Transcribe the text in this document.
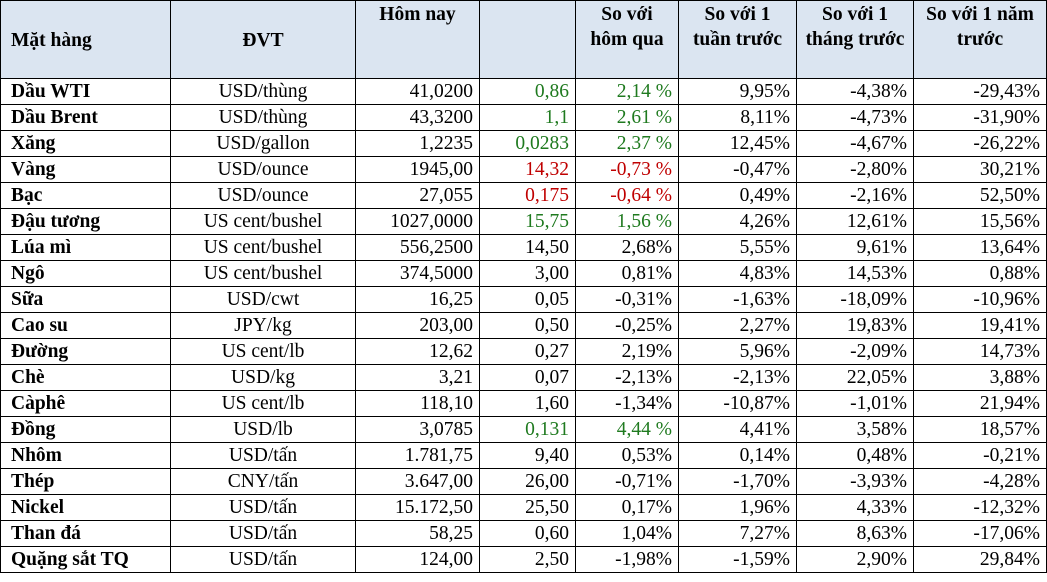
Mặt hàng	ĐVT	Hôm nay		So với hôm qua	So với 1 tuần trước	So với 1 tháng trước	So với 1 năm trước
Dầu WTI	USD/thùng	41,0200	0,86	2,14 %	9,95%	-4,38%	-29,43%
Dầu Brent	USD/thùng	43,3200	1,1	2,61 %	8,11%	-4,73%	-31,90%
Xăng	USD/gallon	1,2235	0,0283	2,37 %	12,45%	-4,67%	-26,22%
Vàng	USD/ounce	1945,00	14,32	-0,73 %	-0,47%	-2,80%	30,21%
Bạc	USD/ounce	27,055	0,175	-0,64 %	0,49%	-2,16%	52,50%
Đậu tương	US cent/bushel	1027,0000	15,75	1,56 %	4,26%	12,61%	15,56%
Lúa mì	US cent/bushel	556,2500	14,50	2,68%	5,55%	9,61%	13,64%
Ngô	US cent/bushel	374,5000	3,00	0,81%	4,83%	14,53%	0,88%
Sữa	USD/cwt	16,25	0,05	-0,31%	-1,63%	-18,09%	-10,96%
Cao su	JPY/kg	203,00	0,50	-0,25%	2,27%	19,83%	19,41%
Đường	US cent/lb	12,62	0,27	2,19%	5,96%	-2,09%	14,73%
Chè	USD/kg	3,21	0,07	-2,13%	-2,13%	22,05%	3,88%
Càphê	US cent/lb	118,10	1,60	-1,34%	-10,87%	-1,01%	21,94%
Đồng	USD/lb	3,0785	0,131	4,44 %	4,41%	3,58%	18,57%
Nhôm	USD/tấn	1.781,75	9,40	0,53%	0,14%	0,48%	-0,21%
Thép	CNY/tấn	3.647,00	26,00	-0,71%	-1,70%	-3,93%	-4,28%
Nickel	USD/tấn	15.172,50	25,50	0,17%	1,96%	4,33%	-12,32%
Than đá	USD/tấn	58,25	0,60	1,04%	7,27%	8,63%	-17,06%
Quặng sắt TQ	USD/tấn	124,00	2,50	-1,98%	-1,59%	2,90%	29,84%
